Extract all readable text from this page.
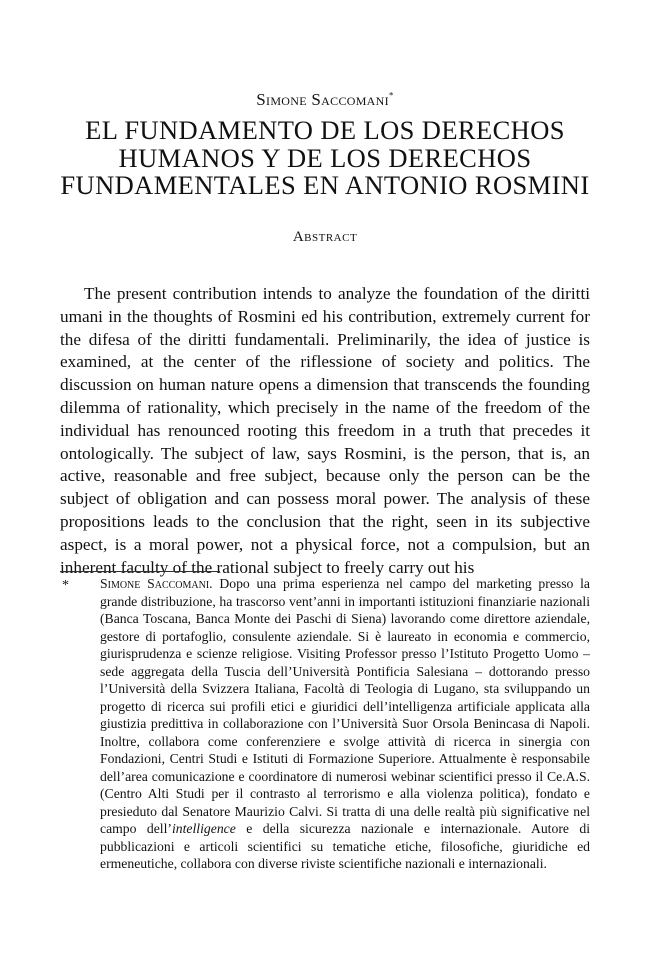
Simone Saccomani*
EL FUNDAMENTO DE LOS DERECHOS HUMANOS Y DE LOS DERECHOS FUNDAMENTALES EN ANTONIO ROSMINI
Abstract

The present contribution intends to analyze the foundation of the diritti umani in the thoughts of Rosmini ed his contribution, extremely current for the difesa of the diritti fundamentali. Preliminarily, the idea of justice is examined, at the center of the riflessione of society and politics. The discussion on human nature opens a dimension that transcends the founding dilemma of rationality, which precisely in the name of the freedom of the individual has renounced rooting this freedom in a truth that precedes it ontologically. The subject of law, says Rosmini, is the person, that is, an active, reasonable and free subject, because only the person can be the subject of obligation and can possess moral power. The analysis of these propositions leads to the conclusion that the right, seen in its subjective aspect, is a moral power, not a physical force, not a compulsion, but an inherent faculty of the rational subject to freely carry out his

* Simone Saccomani. Dopo una prima esperienza nel campo del marketing presso la grande distribuzione, ha trascorso vent’anni in importanti istituzioni finanziarie nazionali (Banca Toscana, Banca Monte dei Paschi di Siena) lavorando come direttore aziendale, gestore di portafoglio, consulente aziendale. Si è laureato in economia e commercio, giurisprudenza e scienze religiose. Visiting Professor presso l’Istituto Progetto Uomo – sede aggregata della Tuscia dell’Università Pontificia Salesiana – dottorando presso l’Università della Svizzera Italiana, Facoltà di Teologia di Lugano, sta sviluppando un progetto di ricerca sui profili etici e giuridici dell’intelligenza artificiale applicata alla giustizia predittiva in collaborazione con l’Università Suor Orsola Benincasa di Napoli. Inoltre, collabora come conferenziere e svolge attività di ricerca in sinergia con Fondazioni, Centri Studi e Istituti di Formazione Superiore. Attualmente è responsabile dell’area comunicazione e coordinatore di numerosi webinar scientifici presso il Ce.A.S. (Centro Alti Studi per il contrasto al terrorismo e alla violenza politica), fondato e presieduto dal Senatore Maurizio Calvi. Si tratta di una delle realtà più significative nel campo dell’intelligence e della sicurezza nazionale e internazionale. Autore di pubblicazioni e articoli scientifici su tematiche etiche, filosofiche, giuridiche ed ermeneutiche, collabora con diverse riviste scientifiche nazionali e internazionali.
